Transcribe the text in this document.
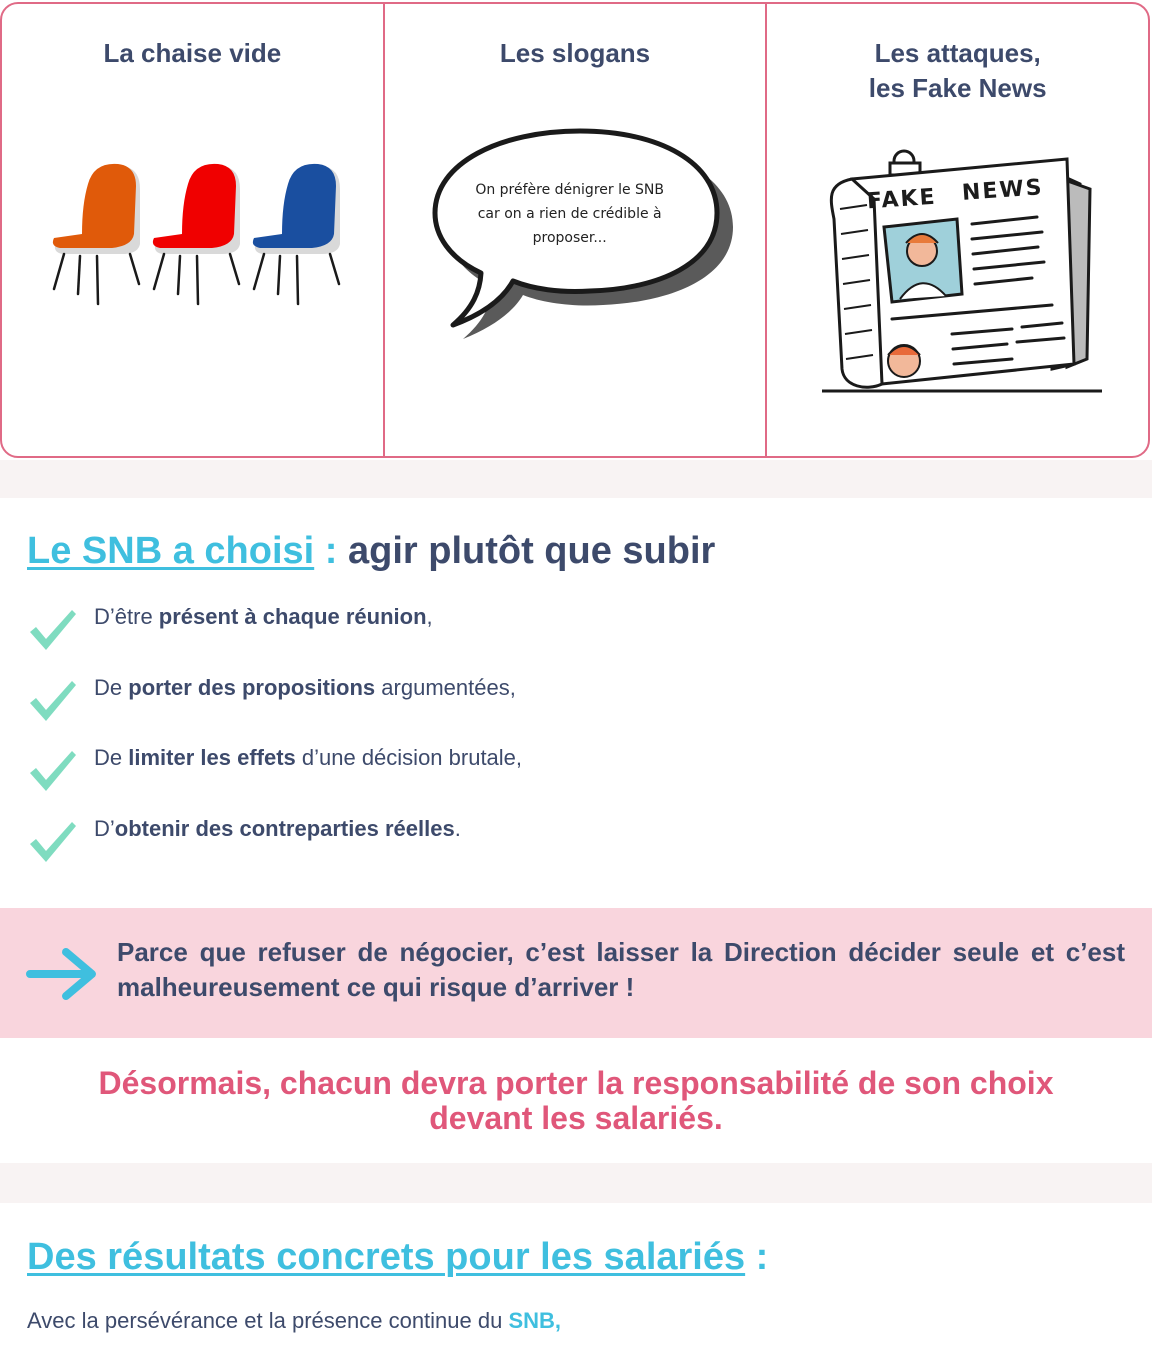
La chaise vide	Les slogans
On préfère dénigrer le SNB
car on a rien de crédible à
proposer...
Les attaques,
les Fake News
FAKE NEWS
Le SNB a choisi : agir plutôt que subir
D’être présent à chaque réunion,
De porter des propositions argumentées,
De limiter les effets d’une décision brutale,
D’obtenir des contreparties réelles.
Parce que refuser de négocier, c’est laisser la Direction décider seule et c’est malheureusement ce qui risque d’arriver !
Désormais, chacun devra porter la responsabilité de son choix
devant les salariés.
Des résultats concrets pour les salariés :
Avec la persévérance et la présence continue du SNB,
